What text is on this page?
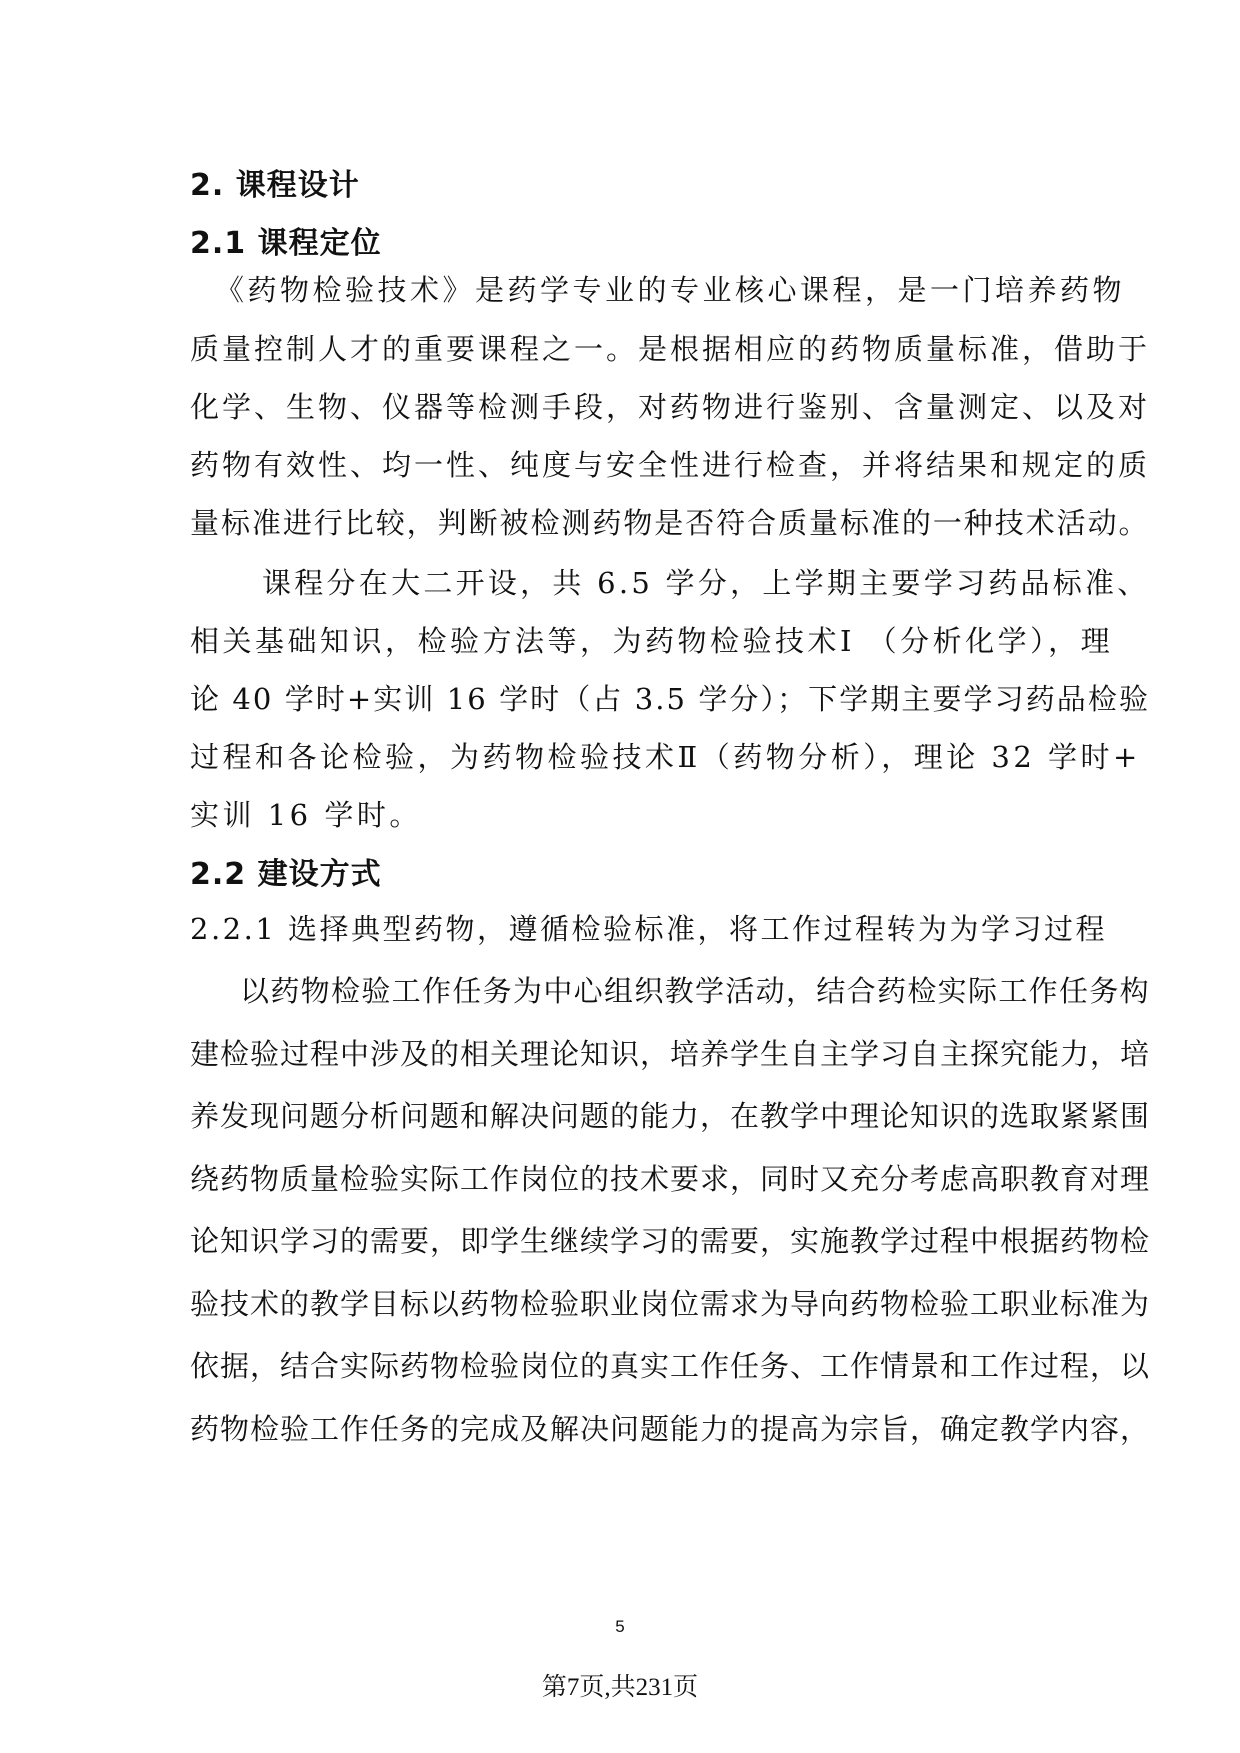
2. 课程设计
2.1 课程定位
《药物检验技术》是药学专业的专业核心课程，是一门培养药物
质量控制人才的重要课程之一。是根据相应的药物质量标准，借助于
化学、生物、仪器等检测手段，对药物进行鉴别、含量测定、以及对
药物有效性、均一性、纯度与安全性进行检查，并将结果和规定的质
量标准进行比较，判断被检测药物是否符合质量标准的一种技术活动。
课程分在大二开设，共 6.5 学分，上学期主要学习药品标准、
相关基础知识，检验方法等，为药物检验技术Ⅰ （分析化学），理
论 40 学时+实训 16 学时（占 3.5 学分）；下学期主要学习药品检验
过程和各论检验，为药物检验技术Ⅱ（药物分析），理论 32 学时+
实训 16 学时。
2.2 建设方式
2.2.1 选择典型药物，遵循检验标准，将工作过程转为为学习过程
以药物检验工作任务为中心组织教学活动，结合药检实际工作任务构
建检验过程中涉及的相关理论知识，培养学生自主学习自主探究能力，培
养发现问题分析问题和解决问题的能力，在教学中理论知识的选取紧紧围
绕药物质量检验实际工作岗位的技术要求，同时又充分考虑高职教育对理
论知识学习的需要，即学生继续学习的需要，实施教学过程中根据药物检
验技术的教学目标以药物检验职业岗位需求为导向药物检验工职业标准为
依据，结合实际药物检验岗位的真实工作任务、工作情景和工作过程，以
药物检验工作任务的完成及解决问题能力的提高为宗旨，确定教学内容，
5
第7页,共231页
